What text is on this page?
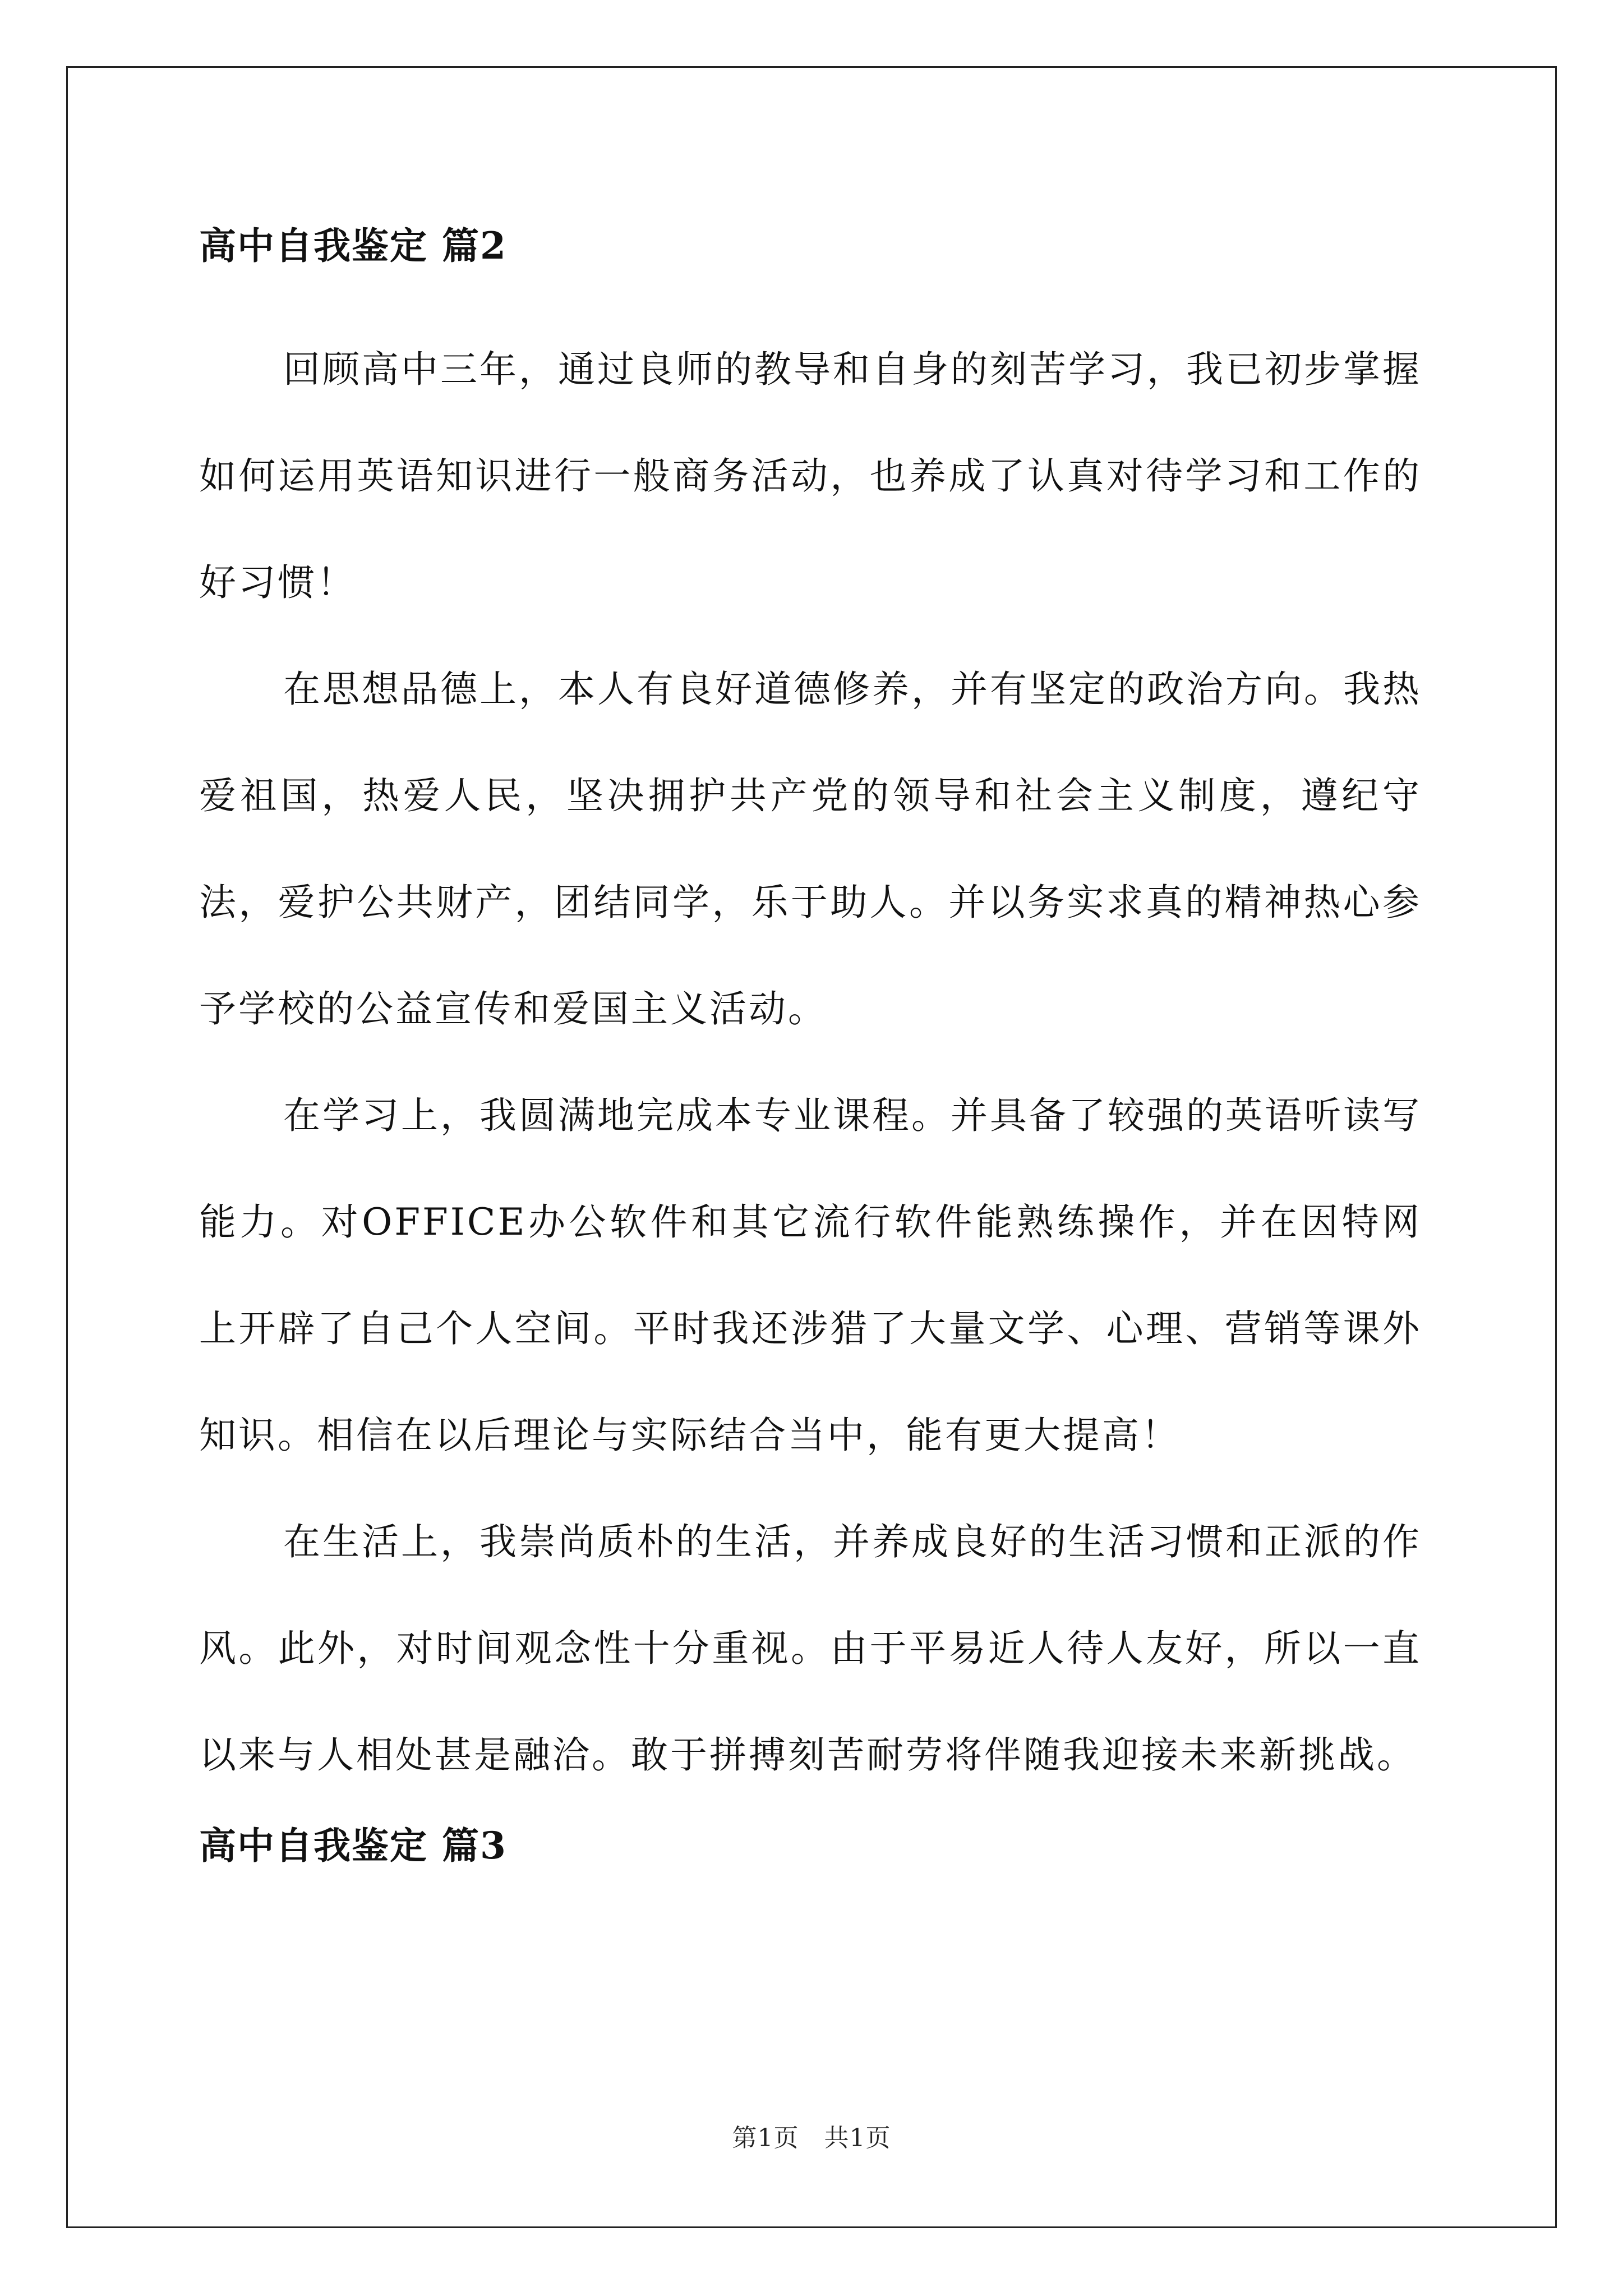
高中自我鉴定 篇2

回顾高中三年，通过良师的教导和自身的刻苦学习，我已初步掌握如何运用英语知识进行一般商务活动，也养成了认真对待学习和工作的好习惯！

在思想品德上，本人有良好道德修养，并有坚定的政治方向。我热爱祖国，热爱人民，坚决拥护共产党的领导和社会主义制度，遵纪守法，爱护公共财产，团结同学，乐于助人。并以务实求真的精神热心参予学校的公益宣传和爱国主义活动。

在学习上，我圆满地完成本专业课程。并具备了较强的英语听读写能力。对OFFICE办公软件和其它流行软件能熟练操作，并在因特网上开辟了自己个人空间。平时我还涉猎了大量文学、心理、营销等课外知识。相信在以后理论与实际结合当中，能有更大提高！

在生活上，我崇尚质朴的生活，并养成良好的生活习惯和正派的作风。此外，对时间观念性十分重视。由于平易近人待人友好，所以一直以来与人相处甚是融洽。敢于拼搏刻苦耐劳将伴随我迎接未来新挑战。

高中自我鉴定 篇3
第1页　共1页
